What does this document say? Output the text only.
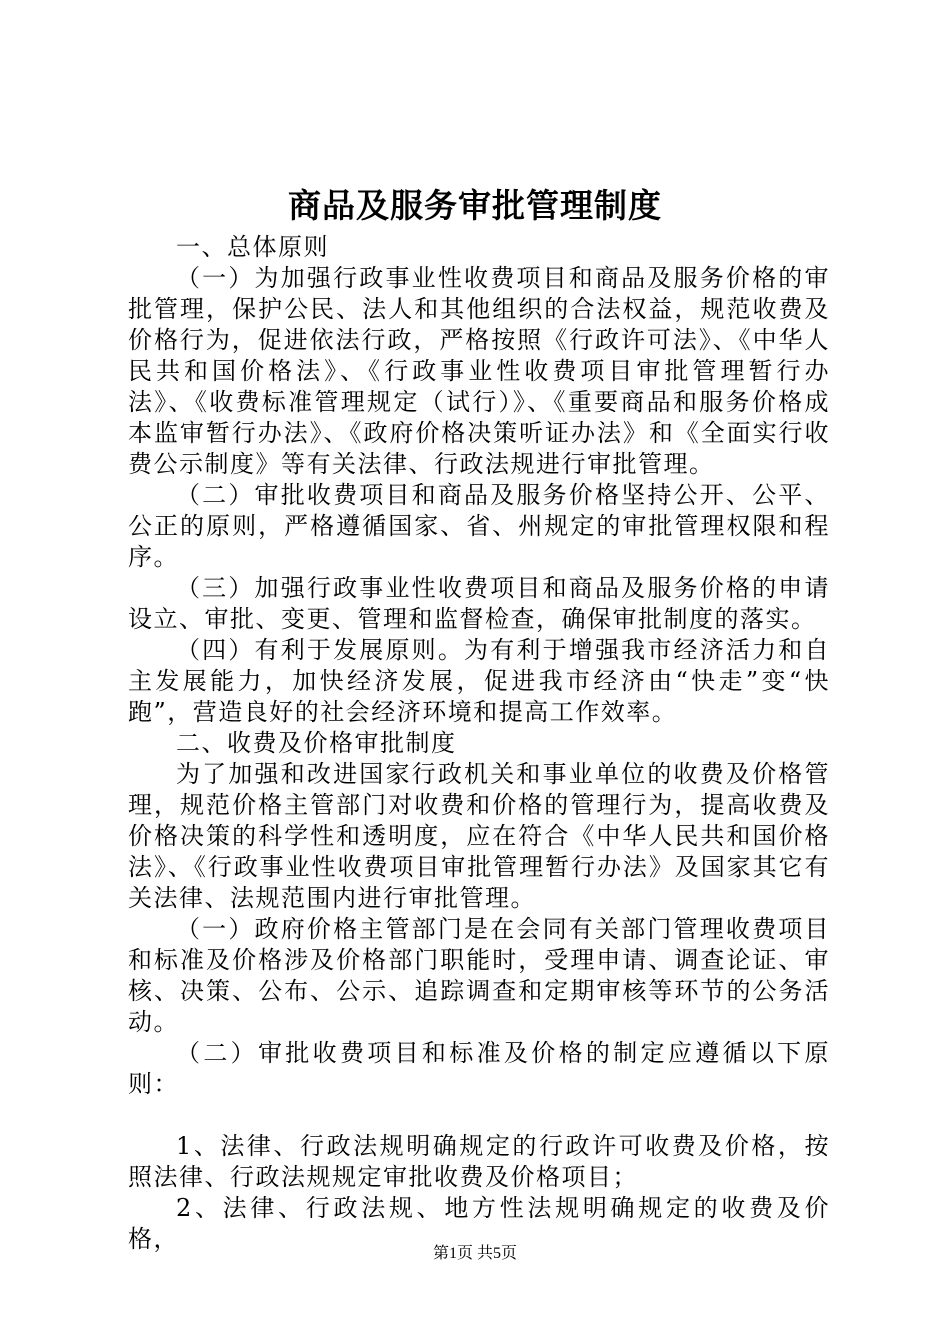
商品及服务审批管理制度

一、总体原则

（一）为加强行政事业性收费项目和商品及服务价格的审批管理，保护公民、法人和其他组织的合法权益，规范收费及价格行为，促进依法行政，严格按照《行政许可法》、《中华人民共和国价格法》、《行政事业性收费项目审批管理暂行办法》、《收费标准管理规定（试行）》、《重要商品和服务价格成本监审暂行办法》、《政府价格决策听证办法》和《全面实行收费公示制度》等有关法律、行政法规进行审批管理。

（二）审批收费项目和商品及服务价格坚持公开、公平、公正的原则，严格遵循国家、省、州规定的审批管理权限和程序。

（三）加强行政事业性收费项目和商品及服务价格的申请设立、审批、变更、管理和监督检查，确保审批制度的落实。

（四）有利于发展原则。为有利于增强我市经济活力和自主发展能力，加快经济发展，促进我市经济由“快走”变“快跑”，营造良好的社会经济环境和提高工作效率。

二、收费及价格审批制度

为了加强和改进国家行政机关和事业单位的收费及价格管理，规范价格主管部门对收费和价格的管理行为，提高收费及价格决策的科学性和透明度，应在符合《中华人民共和国价格法》、《行政事业性收费项目审批管理暂行办法》及国家其它有关法律、法规范围内进行审批管理。

（一）政府价格主管部门是在会同有关部门管理收费项目和标准及价格涉及价格部门职能时，受理申请、调查论证、审核、决策、公布、公示、追踪调查和定期审核等环节的公务活动。

（二）审批收费项目和标准及价格的制定应遵循以下原则：

1、法律、行政法规明确规定的行政许可收费及价格，按照法律、行政法规规定审批收费及价格项目；

2、法律、行政法规、地方性法规明确规定的收费及价格，

第1页 共5页
